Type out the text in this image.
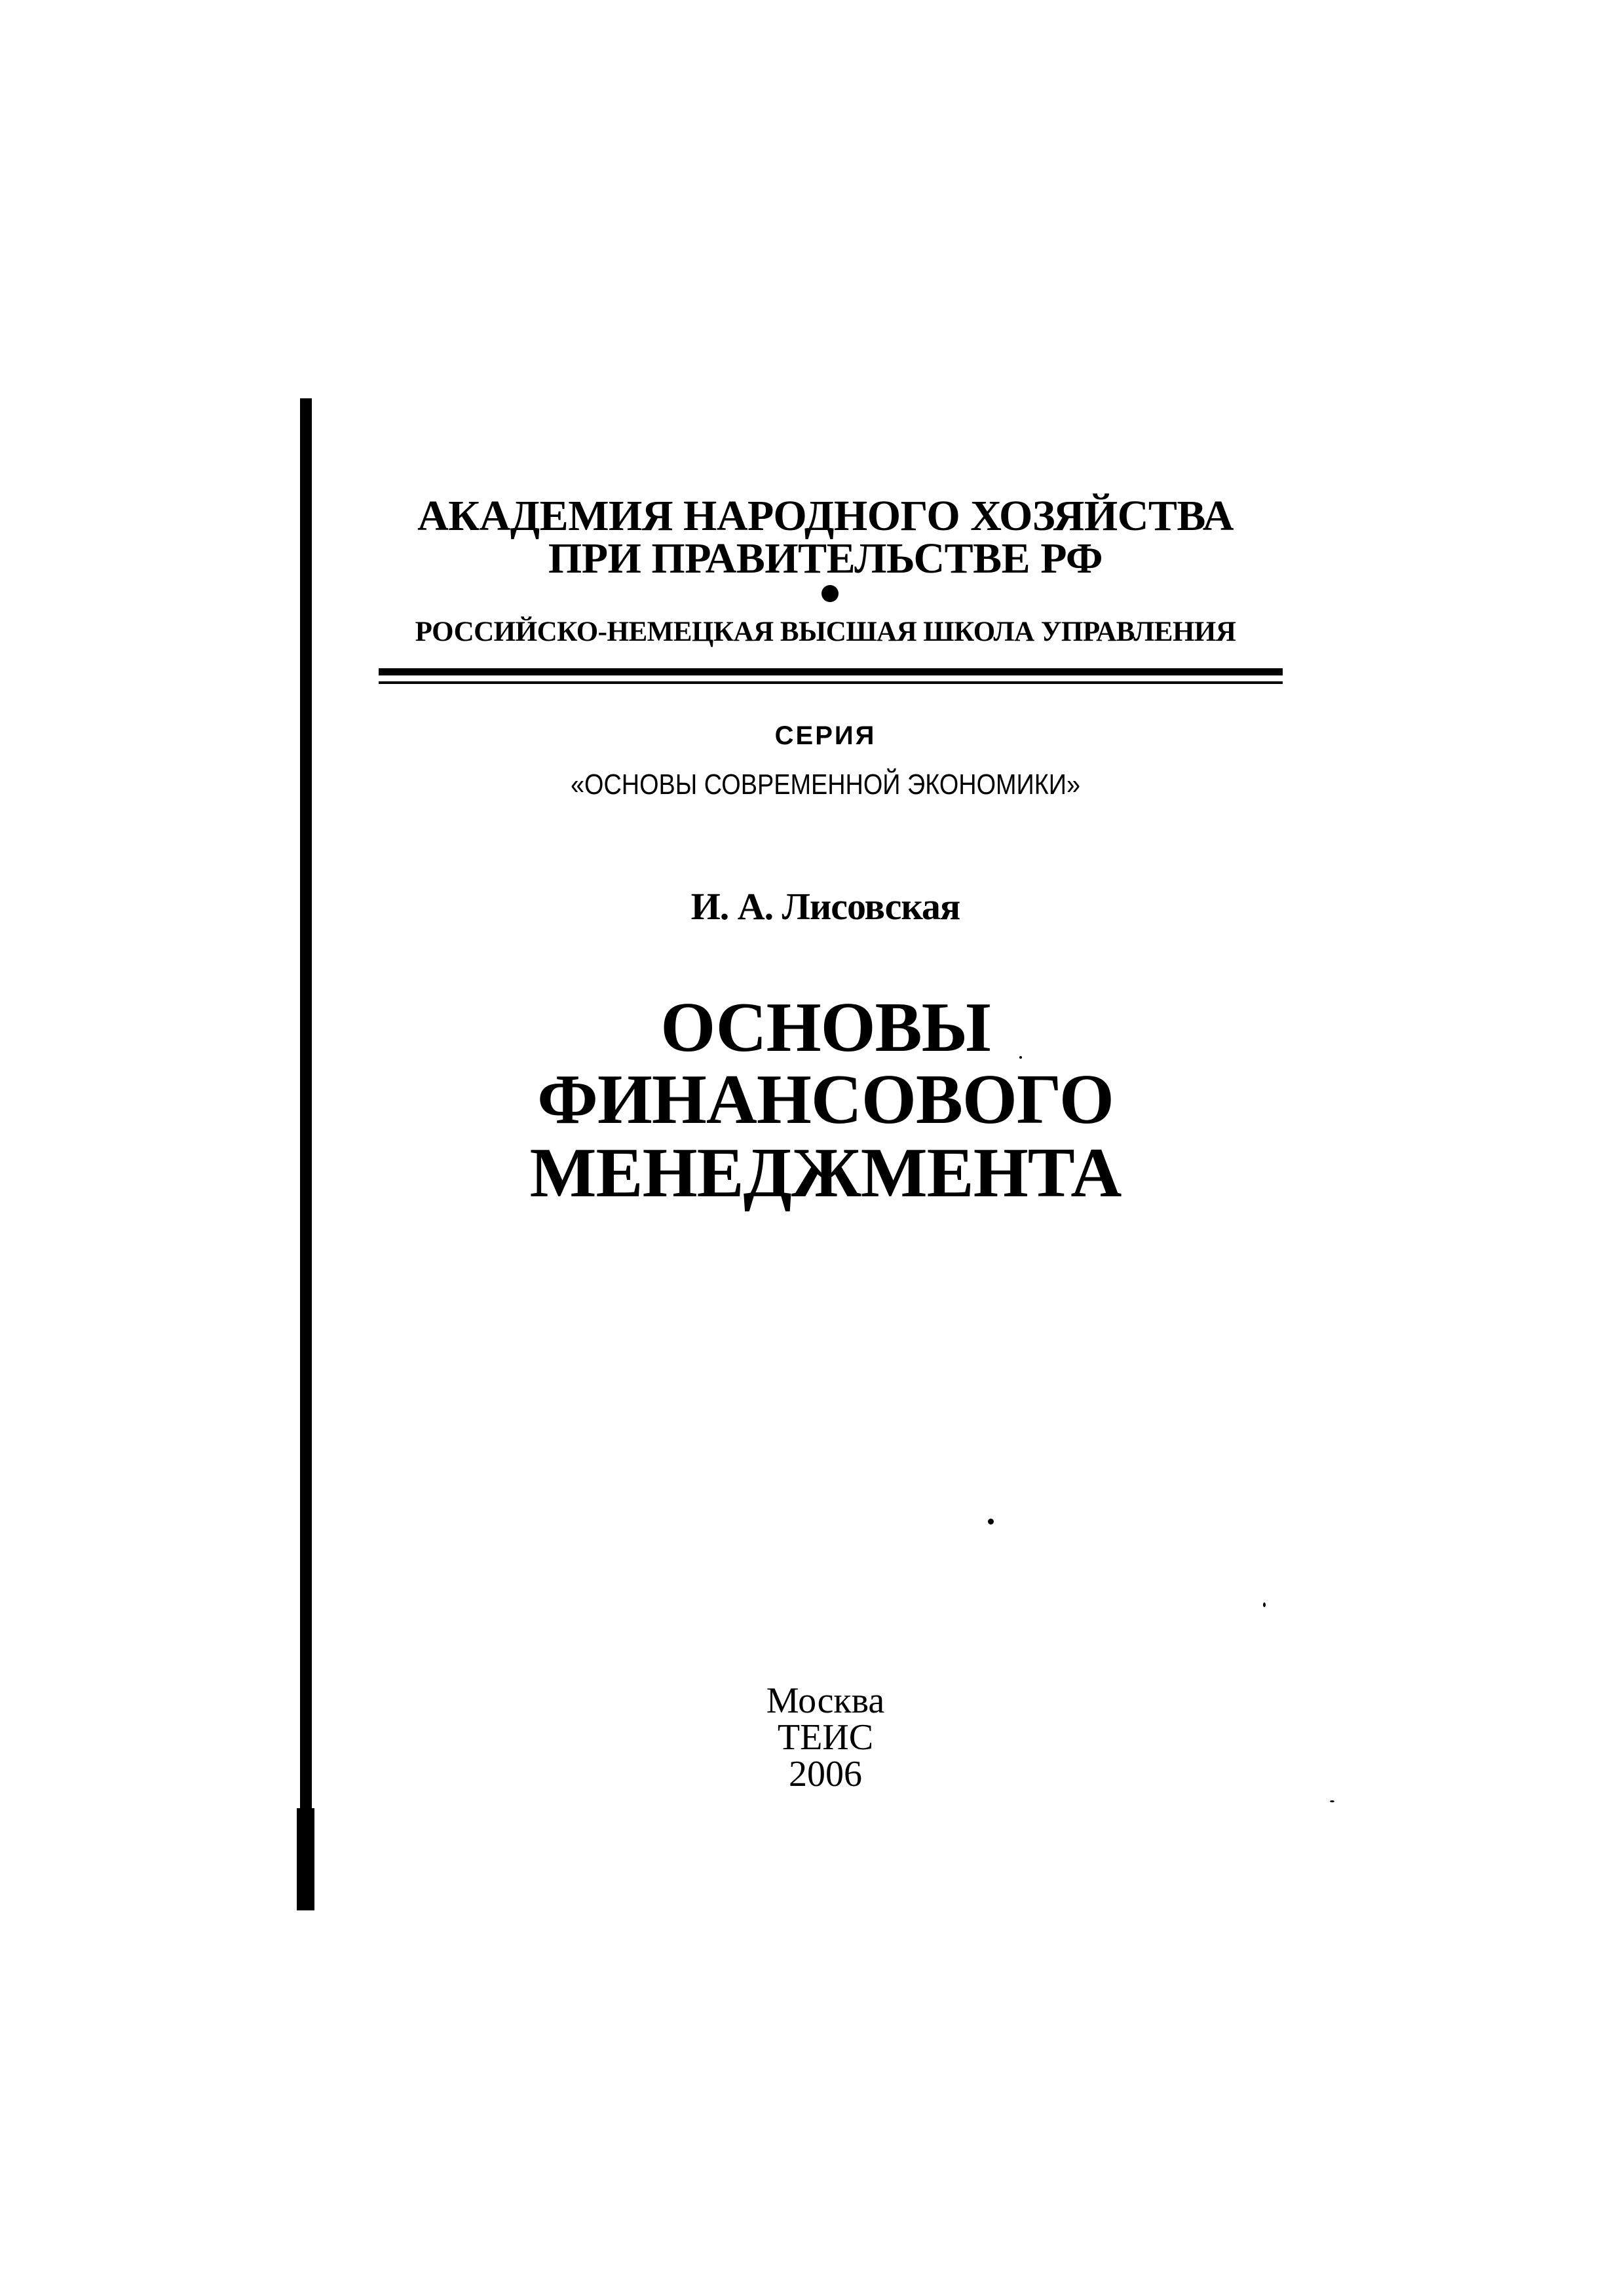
АКАДЕМИЯ НАРОДНОГО ХОЗЯЙСТВА
ПРИ ПРАВИТЕЛЬСТВЕ РФ
РОССИЙСКО-НЕМЕЦКАЯ ВЫСШАЯ ШКОЛА УПРАВЛЕНИЯ
СЕРИЯ
«ОСНОВЫ СОВРЕМЕННОЙ ЭКОНОМИКИ»
И. А. Лисовская
ОСНОВЫ
ФИНАНСОВОГО
МЕНЕДЖМЕНТА
Москва
ТЕИС
2006
